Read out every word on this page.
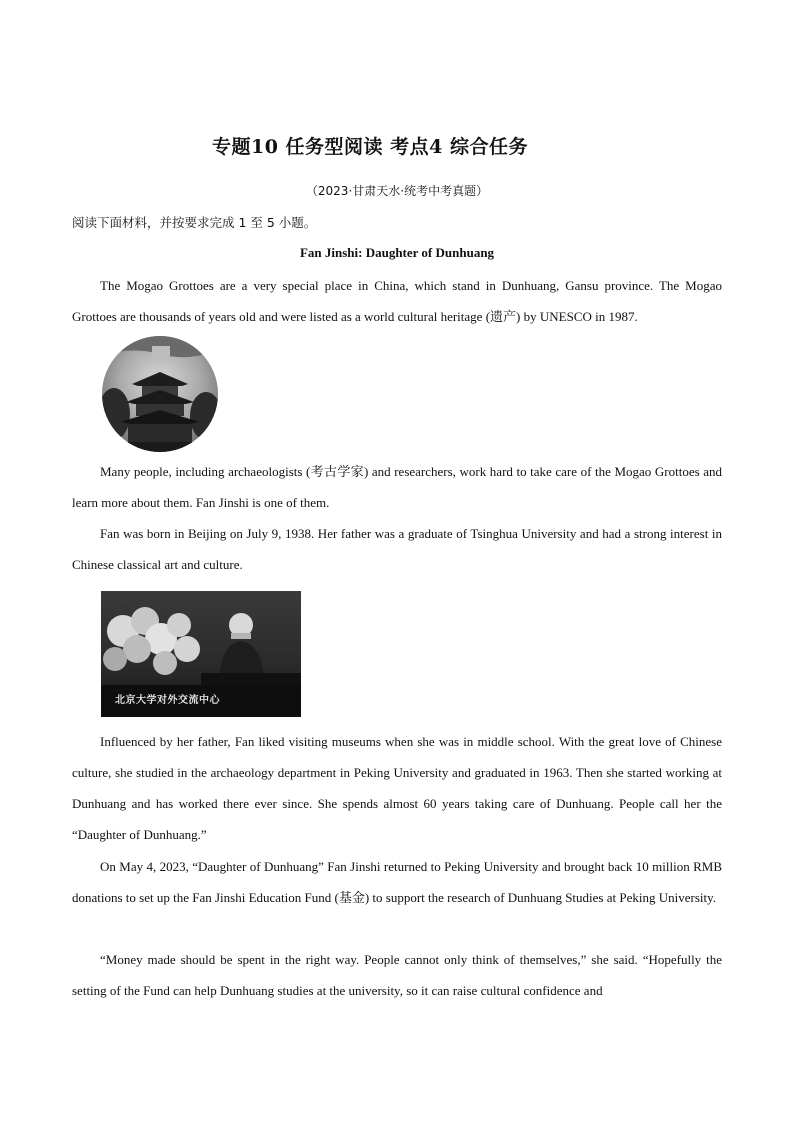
专题10 任务型阅读 考点4 综合任务
（2023·甘肃天水·统考中考真题）
阅读下面材料，并按要求完成 1 至 5 小题。
Fan Jinshi: Daughter of Dunhuang

The Mogao Grottoes are a very special place in China, which stand in Dunhuang, Gansu province. The Mogao Grottoes are thousands of years old and were listed as a world cultural heritage (遗产) by UNESCO in 1987.

Many people, including archaeologists (考古学家) and researchers, work hard to take care of the Mogao Grottoes and learn more about them. Fan Jinshi is one of them.

Fan was born in Beijing on July 9, 1938. Her father was a graduate of Tsinghua University and had a strong interest in Chinese classical art and culture.

北京大学对外交流中心

Influenced by her father, Fan liked visiting museums when she was in middle school. With the great love of Chinese culture, she studied in the archaeology department in Peking University and graduated in 1963. Then she started working at Dunhuang and has worked there ever since. She spends almost 60 years taking care of Dunhuang. People call her the “Daughter of Dunhuang.”

On May 4, 2023, “Daughter of Dunhuang” Fan Jinshi returned to Peking University and brought back 10 million RMB donations to set up the Fan Jinshi Education Fund (基金) to support the research of Dunhuang Studies at Peking University.

“Money made should be spent in the right way. People cannot only think of themselves,” she said. “Hopefully the setting of the Fund can help Dunhuang studies at the university, so it can raise cultural confidence and
